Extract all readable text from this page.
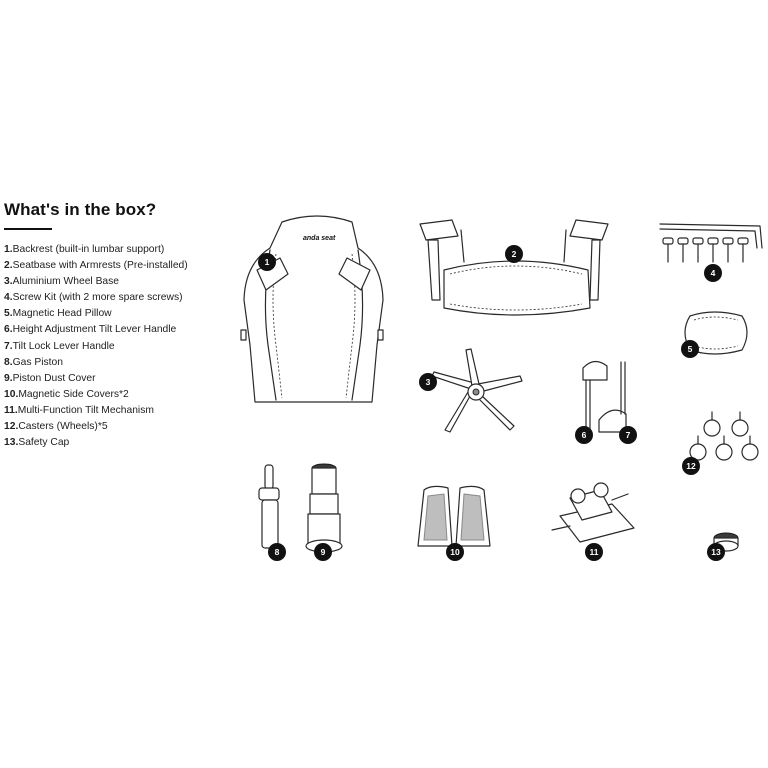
What's in the box?
1.Backrest (built-in lumbar support)
2.Seatbase with Armrests (Pre-installed)
3.Aluminium Wheel Base
4.Screw Kit (with 2 more spare screws)
5.Magnetic Head Pillow
6.Height Adjustment Tilt Lever Handle
7.Tilt Lock Lever Handle
8.Gas Piston
9.Piston Dust Cover
10.Magnetic Side Covers*2
11.Multi-Function Tilt Mechanism
12.Casters (Wheels)*5
13.Safety Cap
anda seat
1
2
3
4
5
6	7
8	9	10	11
12
13
